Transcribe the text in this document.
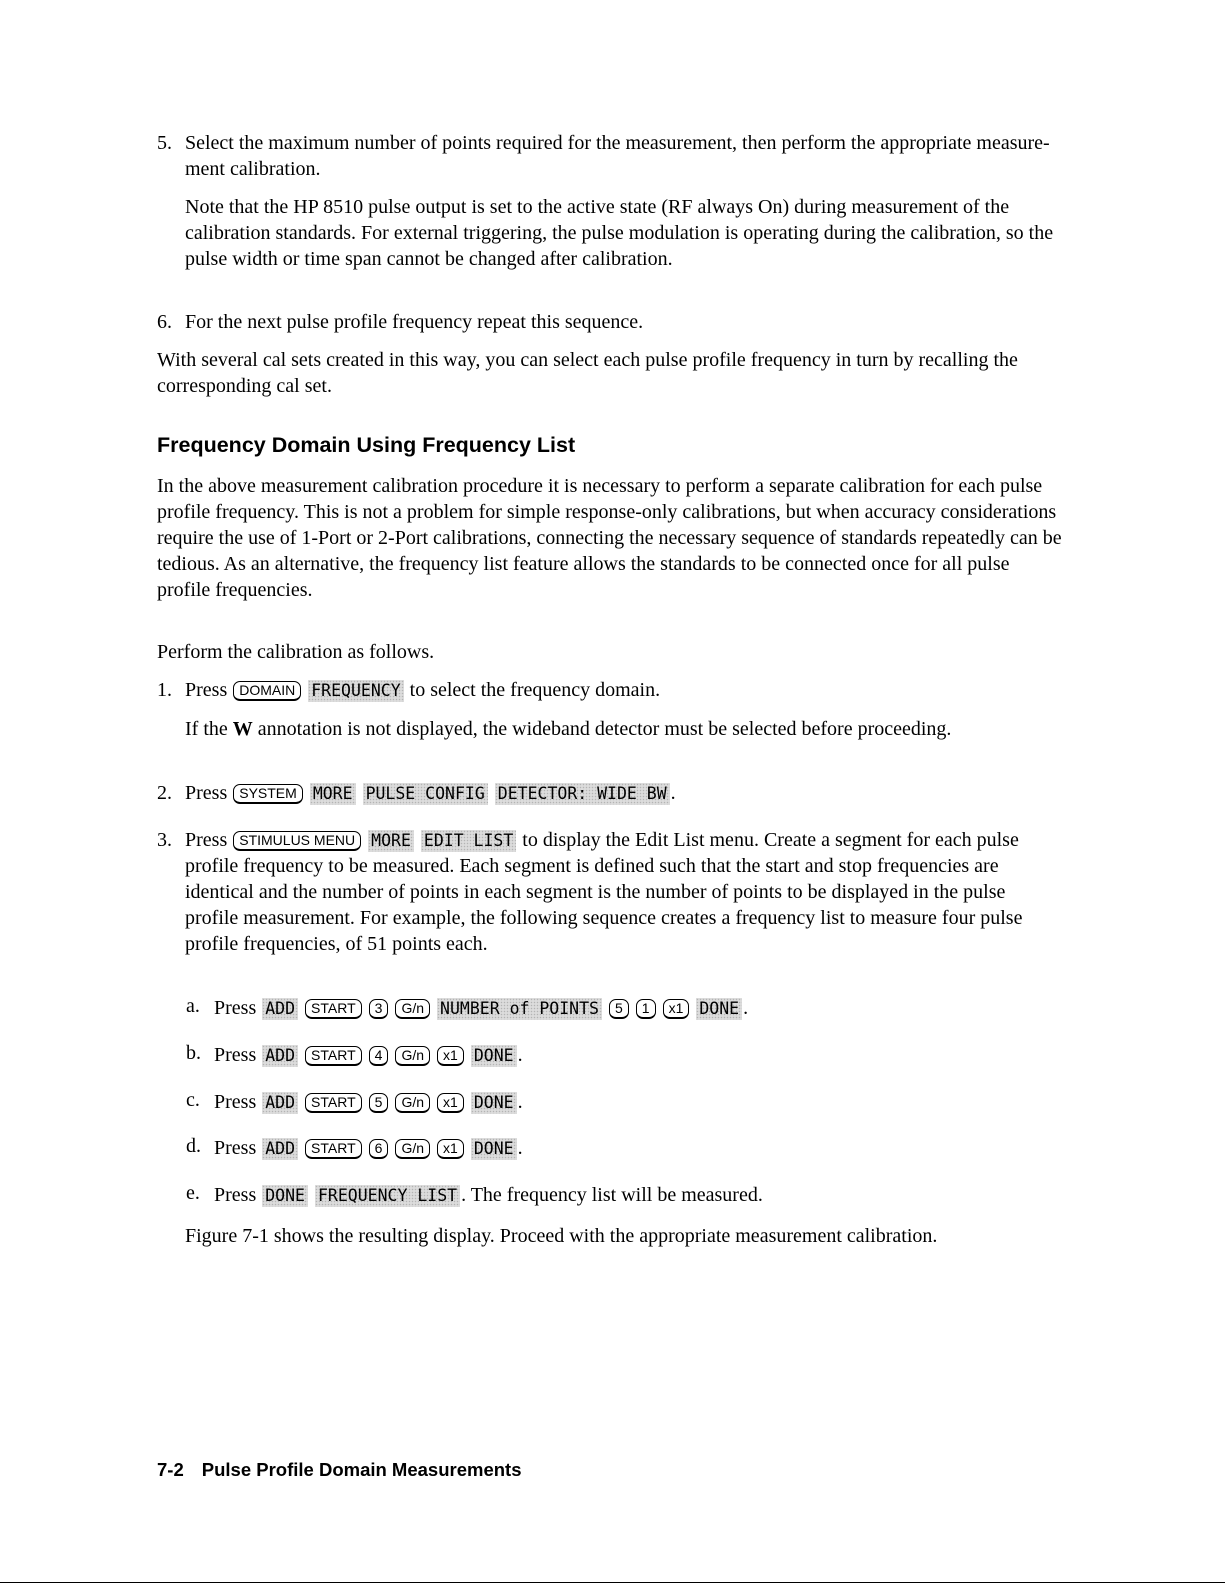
5. Select the maximum number of points required for the measurement, then perform the appropriate measure- ment calibration.

Note that the HP 8510 pulse output is set to the active state (RF always On) during measurement of the calibration standards. For external triggering, the pulse modulation is operating during the calibration, so the pulse width or time span cannot be changed after calibration.

6. For the next pulse profile frequency repeat this sequence.

With several cal sets created in this way, you can select each pulse profile frequency in turn by recalling the corresponding cal set.

Frequency Domain Using Frequency List

In the above measurement calibration procedure it is necessary to perform a separate calibration for each pulse profile frequency. This is not a problem for simple response-only calibrations, but when accuracy considerations require the use of 1-Port or 2-Port calibrations, connecting the necessary sequence of standards repeatedly can be tedious. As an alternative, the frequency list feature allows the standards to be connected once for all pulse profile frequencies.

Perform the calibration as follows.

1. Press DOMAIN FREQUENCY to select the frequency domain.

If the W annotation is not displayed, the wideband detector must be selected before proceeding.

2. Press SYSTEM MORE PULSE CONFIG DETECTOR: WIDE BW .

3. Press STIMULUS MENU MORE EDIT LIST to display the Edit List menu. Create a segment for each pulse profile frequency to be measured. Each segment is defined such that the start and stop frequencies are identical and the number of points in each segment is the number of points to be displayed in the pulse profile measurement. For example, the following sequence creates a frequency list to measure four pulse profile frequencies, of 51 points each.

a. Press ADD START 3 G/n NUMBER of POINTS 5 1 x1 DONE .

b. Press ADD START 4 G/n x1 DONE .

c. Press ADD START 5 G/n x1 DONE .

d. Press ADD START 6 G/n x1 DONE .

e. Press DONE FREQUENCY LIST . The frequency list will be measured.

Figure 7-1 shows the resulting display. Proceed with the appropriate measurement calibration.

7-2 Pulse Profile Domain Measurements
